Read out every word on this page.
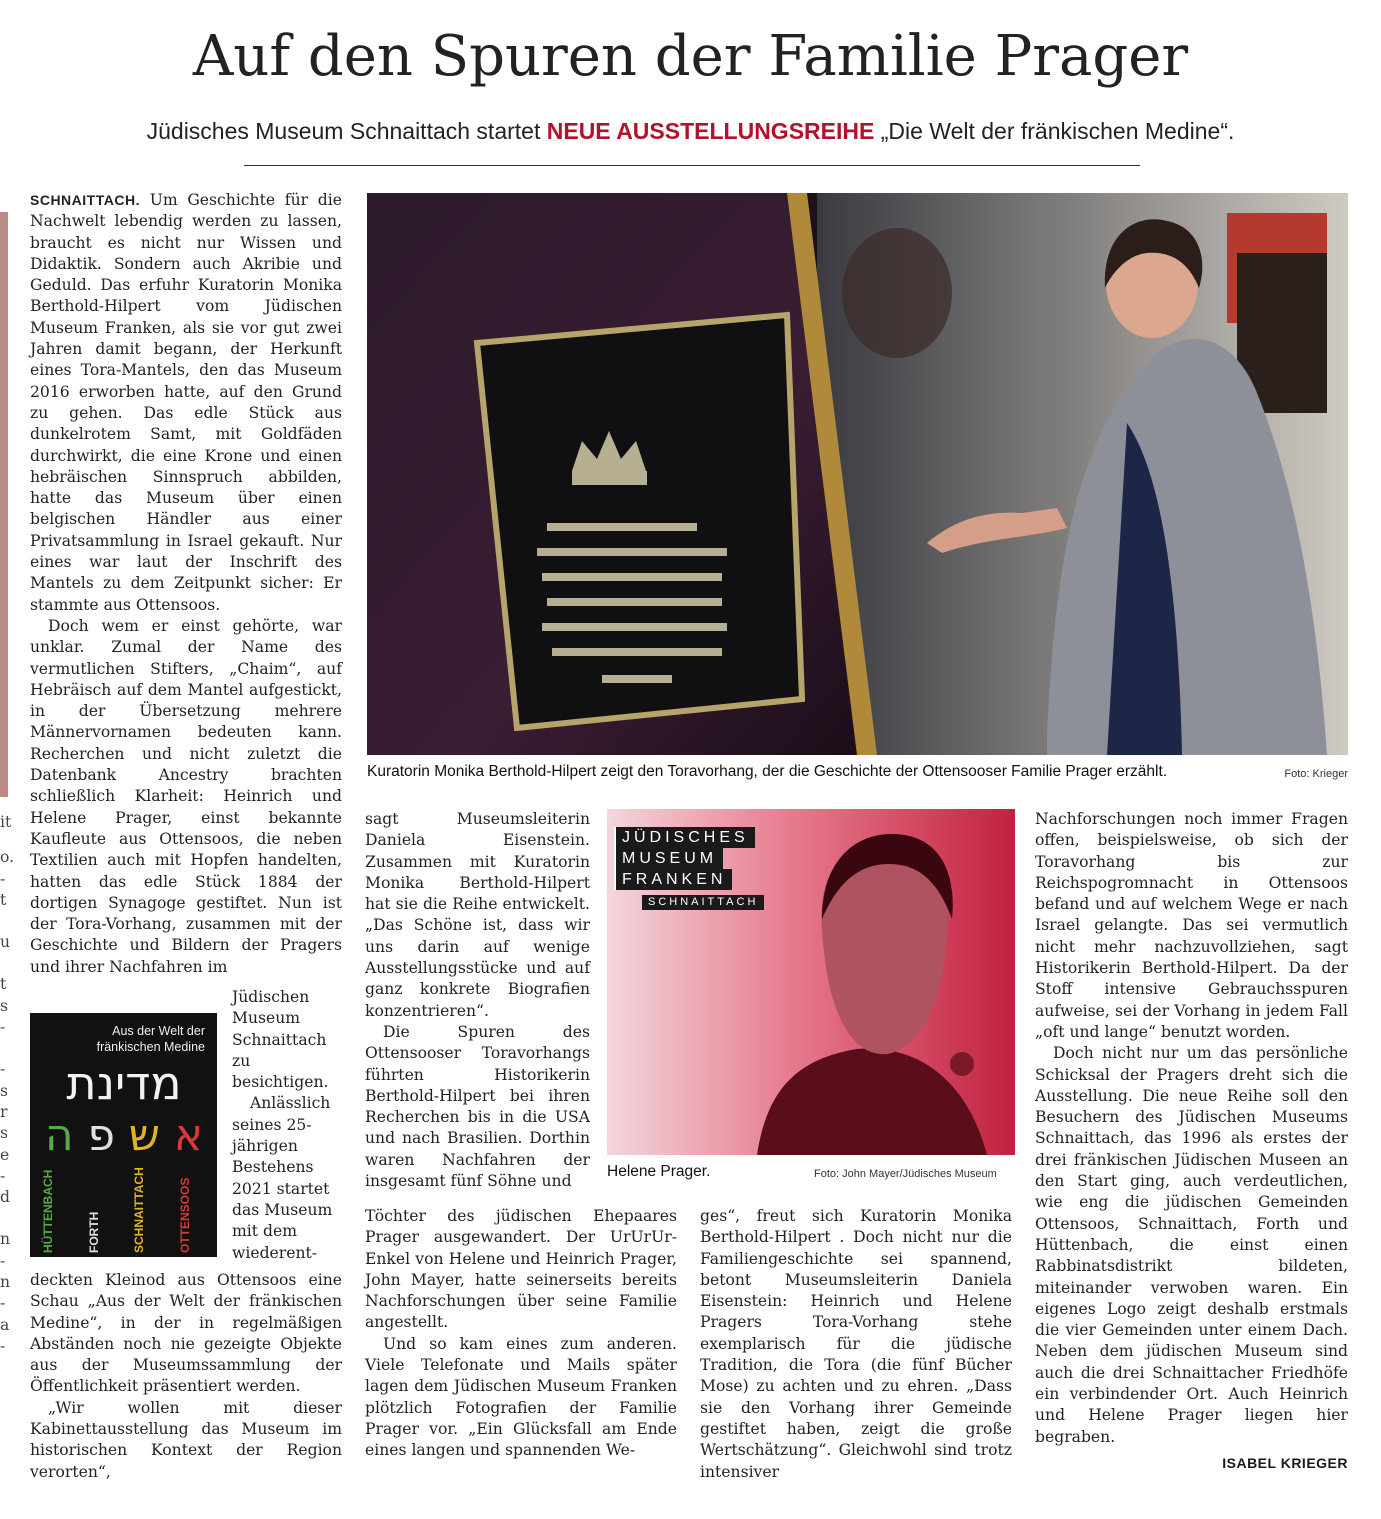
Auf den Spuren der Familie Prager
Jüdisches Museum Schnaittach startet NEUE AUSSTELLUNGSREIHE „Die Welt der fränkischen Medine“.
it
o.
-
t
u
t
s
-
-
s
r
s
e
-
d
n
-
n
-
a
-

SCHNAITTACH. Um Geschichte für die Nachwelt lebendig werden zu lassen, braucht es nicht nur Wissen und Didaktik. Sondern auch Akribie und Geduld. Das erfuhr Kuratorin Monika Berthold-Hilpert vom Jüdischen Museum Franken, als sie vor gut zwei Jahren damit begann, der Herkunft eines Tora-Mantels, den das Museum 2016 erworben hatte, auf den Grund zu gehen. Das edle Stück aus dunkelrotem Samt, mit Goldfäden durchwirkt, die eine Krone und einen hebräischen Sinnspruch abbilden, hatte das Museum über einen belgischen Händler aus einer Privatsammlung in Israel gekauft. Nur eines war laut der Inschrift des Mantels zu dem Zeitpunkt sicher: Er stammte aus Ottensoos.

Doch wem er einst gehörte, war unklar. Zumal der Name des vermutlichen Stifters, „Chaim“, auf Hebräisch auf dem Mantel aufgestickt, in der Übersetzung mehrere Männervornamen bedeuten kann. Recherchen und nicht zuletzt die Datenbank Ancestry brachten schließlich Klarheit: Heinrich und Helene Prager, einst bekannte Kaufleute aus Ottensoos, die neben Textilien auch mit Hopfen handelten, hatten das edle Stück 1884 der dortigen Synagoge gestiftet. Nun ist der Tora-Vorhang, zusammen mit der Geschichte und Bildern der Pragers und ihrer Nachfahren im

Jüdischen Museum Schnaittach zu besichtigen.

Anlässlich seines 25-jährigen Bestehens 2021 startet das Museum mit dem wiederent-

deckten Kleinod aus Ottensoos eine Schau „Aus der Welt der fränkischen Medine“, in der in regelmäßigen Abständen noch nie gezeigte Objekte aus der Museumssammlung der Öffentlichkeit präsentiert werden.

„Wir wollen mit dieser Kabinettausstellung das Museum im historischen Kontext der Region verorten“,

Aus der Welt der
fränkischen Medine
מדינת
א
ש
פ
ה
HÜTTENBACH	FORTH	SCHNAITTACH	OTTENSOOS
Kuratorin Monika Berthold-Hilpert zeigt den Toravorhang, der die Geschichte der Ottensooser Familie Prager erzählt.	Foto: Krieger

sagt Museumsleiterin Daniela Eisenstein. Zusammen mit Kuratorin Monika Berthold-Hilpert hat sie die Reihe entwickelt. „Das Schöne ist, dass wir uns darin auf wenige Ausstellungsstücke und auf ganz konkrete Biografien konzentrieren“.

Die Spuren des Ottensooser Toravorhangs führten Historikerin Berthold-Hilpert bei ihren Recherchen bis in die USA und nach Brasilien. Dorthin waren Nachfahren der insgesamt fünf Söhne und

Töchter des jüdischen Ehepaares Prager ausgewandert. Der UrUrUr-Enkel von Helene und Heinrich Prager, John Mayer, hatte seinerseits bereits Nachforschungen über seine Familie angestellt.

Und so kam eines zum anderen. Viele Telefonate und Mails später lagen dem Jüdischen Museum Franken plötzlich Fotografien der Familie Prager vor. „Ein Glücksfall am Ende eines langen und spannenden We-

JÜDISCHES
MUSEUM
FRANKEN
SCHNAITTACH
Helene Prager.	Foto: John Mayer/Jüdisches Museum

ges“, freut sich Kuratorin Monika Berthold-Hilpert . Doch nicht nur die Familiengeschichte sei spannend, betont Museumsleiterin Daniela Eisenstein: Heinrich und Helene Pragers Tora-Vorhang stehe exemplarisch für die jüdische Tradition, die Tora (die fünf Bücher Mose) zu achten und zu ehren. „Dass sie den Vorhang ihrer Gemeinde gestiftet haben, zeigt die große Wertschätzung“. Gleichwohl sind trotz intensiver

Nachforschungen noch immer Fragen offen, beispielsweise, ob sich der Toravorhang bis zur Reichspogromnacht in Ottensoos befand und auf welchem Wege er nach Israel gelangte. Das sei vermutlich nicht mehr nachzuvollziehen, sagt Historikerin Berthold-Hilpert. Da der Stoff intensive Gebrauchsspuren aufweise, sei der Vorhang in jedem Fall „oft und lange“ benutzt worden.

Doch nicht nur um das persönliche Schicksal der Pragers dreht sich die Ausstellung. Die neue Reihe soll den Besuchern des Jüdischen Museums Schnaittach, das 1996 als erstes der drei fränkischen Jüdischen Museen an den Start ging, auch verdeutlichen, wie eng die jüdischen Gemeinden Ottensoos, Schnaittach, Forth und Hüttenbach, die einst einen Rabbinatsdistrikt bildeten, miteinander verwoben waren. Ein eigenes Logo zeigt deshalb erstmals die vier Gemeinden unter einem Dach. Neben dem jüdischen Museum sind auch die drei Schnaittacher Friedhöfe ein verbindender Ort. Auch Heinrich und Helene Prager liegen hier begraben.

ISABEL KRIEGER
